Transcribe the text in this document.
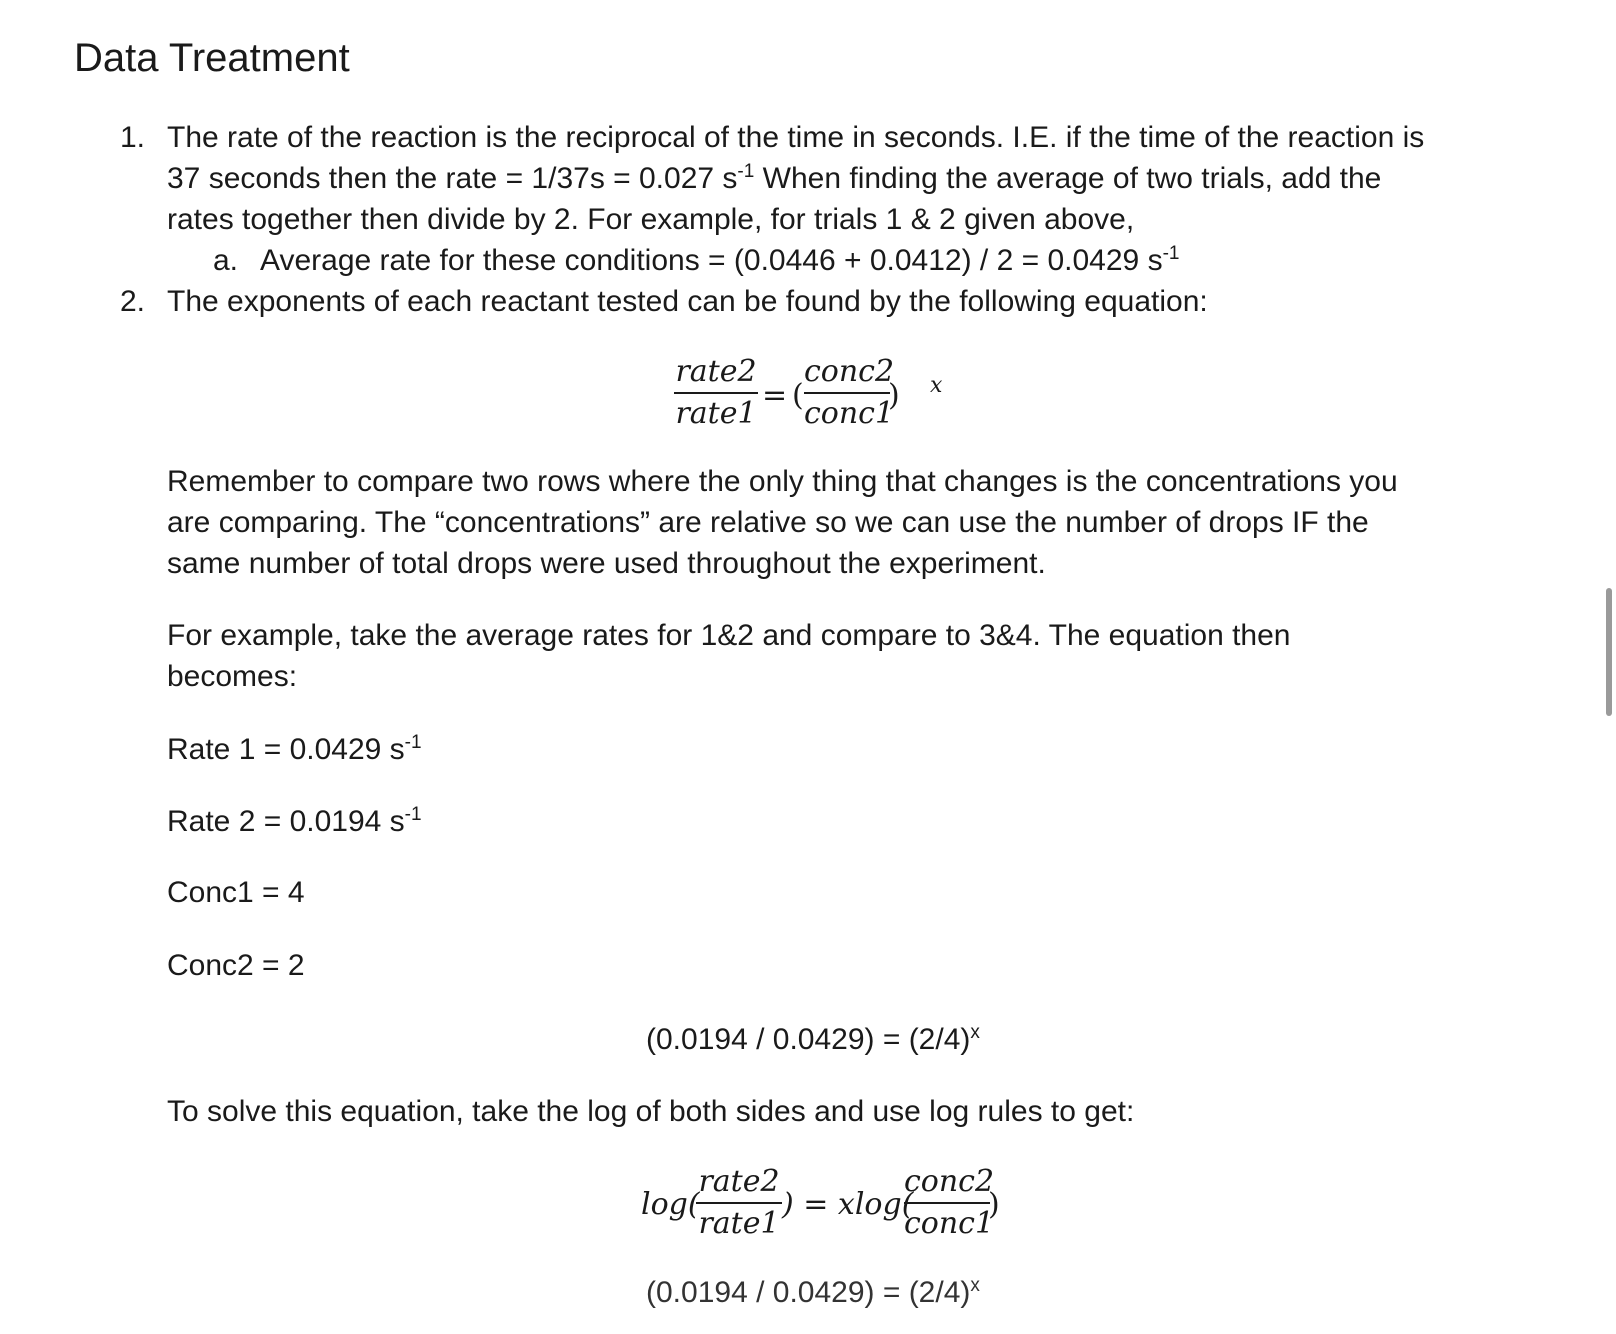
Data Treatment
1. The rate of the reaction is the reciprocal of the time in seconds. I.E. if the time of the reaction is
37 seconds then the rate = 1/37s = 0.027 $s^{-1}$ When finding the average of two trials, add the
rates together then divide by 2. For example, for trials 1 & 2 given above,
a. Average rate for these conditions = (0.0446 + 0.0412) / 2 = 0.0429 $s^{-1}$
2. The exponents of each reactant tested can be found by the following equation:
rate2
rate1
= (
conc2
conc1
) x
Remember to compare two rows where the only thing that changes is the concentrations you
are comparing. The “concentrations” are relative so we can use the number of drops IF the
same number of total drops were used throughout the experiment.
For example, take the average rates for 1&2 and compare to 3&4. The equation then
becomes:
Rate 1 = 0.0429 $s^{-1}$
Rate 2 = 0.0194 $s^{-1}$
Conc1 = 4
Conc2 = 2
$(0.0194 / 0.0429) = (2/4)^x$
To solve this equation, take the log of both sides and use log rules to get:
log(
rate2
rate1
) = xlog(
conc2
conc1
)
$(0.0194 / 0.0429) = (2/4)^x$
